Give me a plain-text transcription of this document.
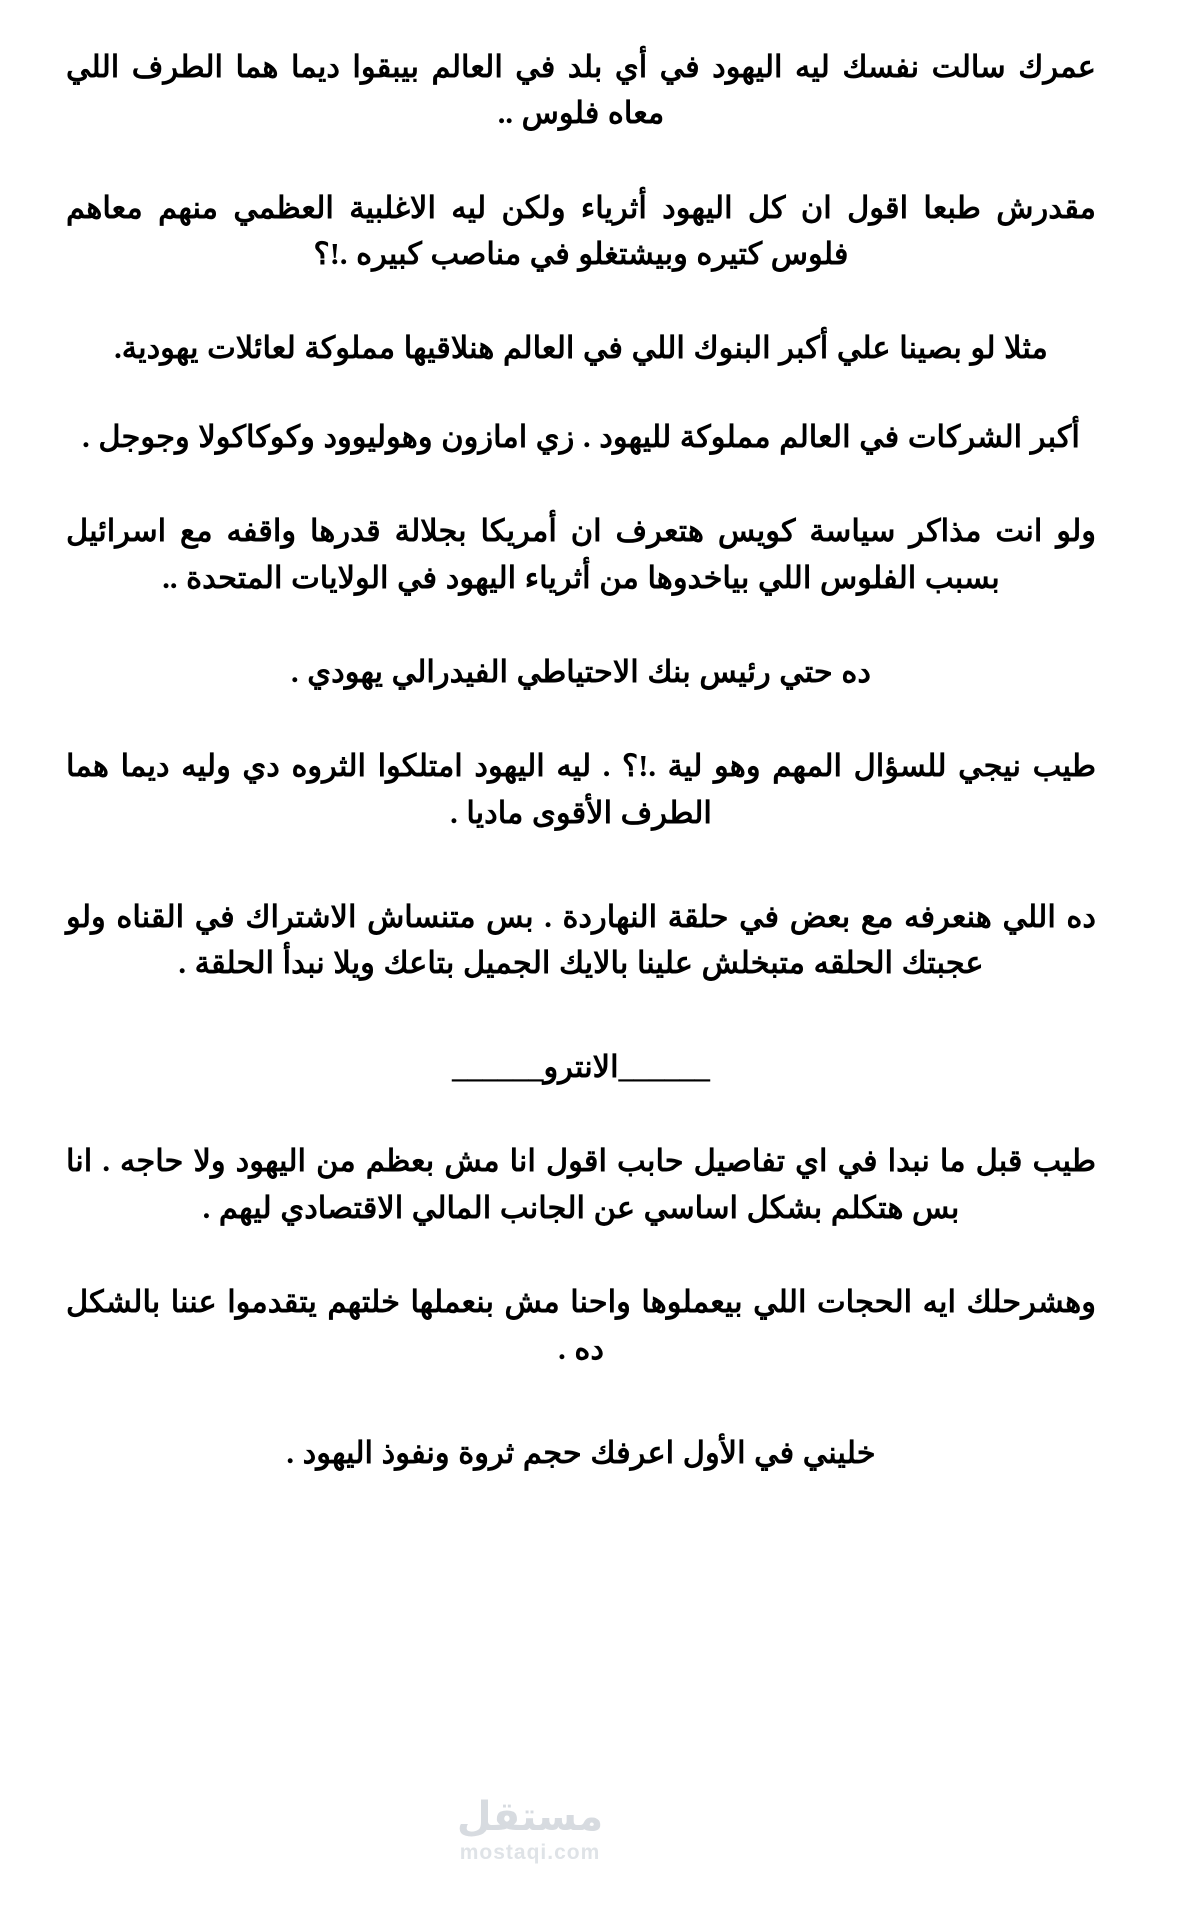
مستقل
mostaqi.com

عمرك سالت نفسك ليه اليهود في أي بلد في العالم بيبقوا ديما هما الطرف اللي معاه فلوس ..

مقدرش طبعا اقول ان كل اليهود أثرياء ولكن ليه الاغلبية العظمي منهم معاهم فلوس كتيره وبيشتغلو في مناصب كبيره .!؟

مثلا لو بصينا علي أكبر البنوك اللي في العالم هنلاقيها مملوكة لعائلات يهودية.

أكبر الشركات في العالم مملوكة لليهود . زي امازون وهوليوود وكوكاكولا وجوجل .

ولو انت مذاكر سياسة كويس هتعرف ان أمريكا بجلالة قدرها واقفه مع اسرائيل بسبب الفلوس اللي بياخدوها من أثرياء اليهود في الولايات المتحدة ..

ده حتي رئيس بنك الاحتياطي الفيدرالي يهودي .

طيب نيجي للسؤال المهم وهو لية .!؟ . ليه اليهود امتلكوا الثروه دي وليه ديما هما الطرف الأقوى ماديا .

ده اللي هنعرفه مع بعض في حلقة النهاردة . بس متنساش الاشتراك في القناه ولو عجبتك الحلقه متبخلش علينا بالايك الجميل بتاعك ويلا نبدأ الحلقة .

______الانترو______

طيب قبل ما نبدا في اي تفاصيل حابب اقول انا مش بعظم من اليهود ولا حاجه . انا بس هتكلم بشكل اساسي عن الجانب المالي الاقتصادي ليهم .

وهشرحلك ايه الحجات اللي بيعملوها واحنا مش بنعملها خلتهم يتقدموا عننا بالشكل ده .

خليني في الأول اعرفك حجم ثروة ونفوذ اليهود .
